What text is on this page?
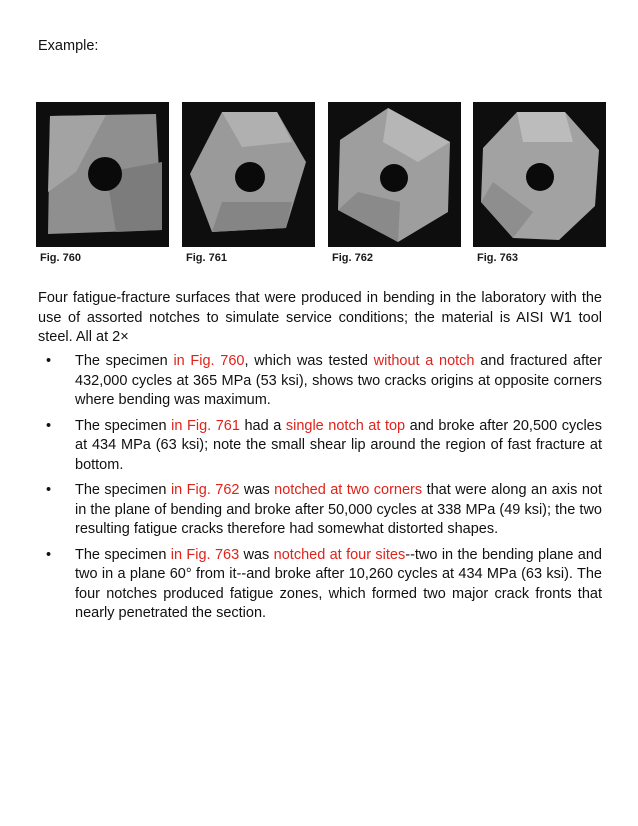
Example:
Fig. 760	Fig. 761	Fig. 762	Fig. 763
Four fatigue-fracture surfaces that were produced in bending in the laboratory with the use of assorted notches to simulate service conditions; the material is AISI W1 tool steel. All at 2×
• The specimen in Fig. 760, which was tested without a notch and fractured after 432,000 cycles at 365 MPa (53 ksi), shows two cracks origins at opposite corners where bending was maximum.
• The specimen in Fig. 761 had a single notch at top and broke after 20,500 cycles at 434 MPa (63 ksi); note the small shear lip around the region of fast fracture at bottom.
• The specimen in Fig. 762 was notched at two corners that were along an axis not in the plane of bending and broke after 50,000 cycles at 338 MPa (49 ksi); the two resulting fatigue cracks therefore had somewhat distorted shapes.
• The specimen in Fig. 763 was notched at four sites--two in the bending plane and two in a plane 60° from it--and broke after 10,260 cycles at 434 MPa (63 ksi). The four notches produced fatigue zones, which formed two major crack fronts that nearly penetrated the section.
